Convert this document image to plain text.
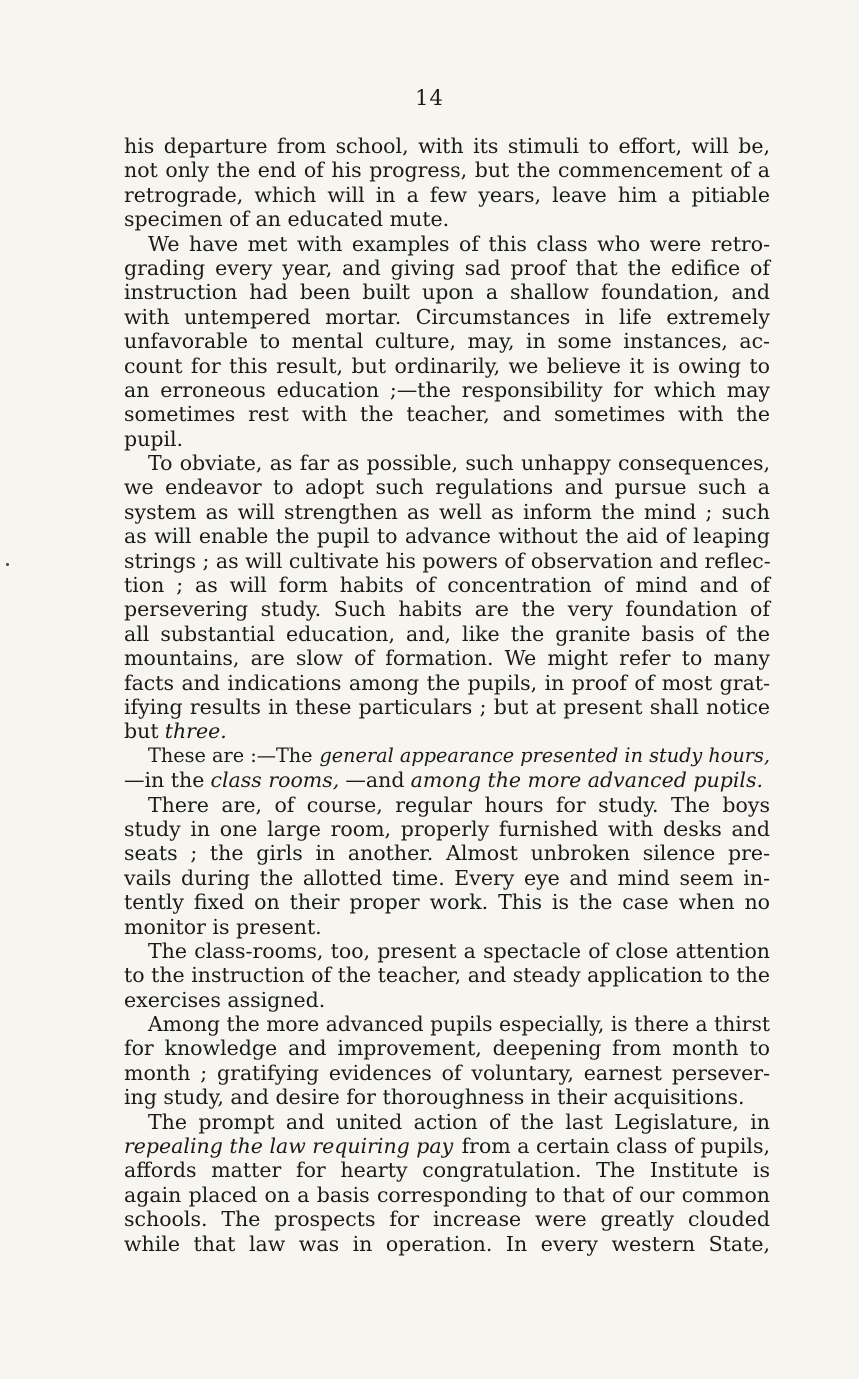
14
his departure from school, with its stimuli to effort, will be,
not only the end of his progress, but the commencement of a
retrograde, which will in a few years, leave him a pitiable
specimen of an educated mute.
We have met with examples of this class who were retro-
grading every year, and giving sad proof that the edifice of
instruction had been built upon a shallow foundation, and
with untempered mortar. Circumstances in life extremely
unfavorable to mental culture, may, in some instances, ac-
count for this result, but ordinarily, we believe it is owing to
an erroneous education ;—the responsibility for which may
sometimes rest with the teacher, and sometimes with the
pupil.
To obviate, as far as possible, such unhappy consequences,
we endeavor to adopt such regulations and pursue such a
system as will strengthen as well as inform the mind ; such
as will enable the pupil to advance without the aid of leaping
strings ; as will cultivate his powers of observation and reflec-
tion ; as will form habits of concentration of mind and of
persevering study. Such habits are the very foundation of
all substantial education, and, like the granite basis of the
mountains, are slow of formation. We might refer to many
facts and indications among the pupils, in proof of most grat-
ifying results in these particulars ; but at present shall notice
but three.
These are :—The general appearance presented in study hours,
—in the class rooms, —and among the more advanced pupils.
There are, of course, regular hours for study. The boys
study in one large room, properly furnished with desks and
seats ; the girls in another. Almost unbroken silence pre-
vails during the allotted time. Every eye and mind seem in-
tently fixed on their proper work. This is the case when no
monitor is present.
The class-rooms, too, present a spectacle of close attention
to the instruction of the teacher, and steady application to the
exercises assigned.
Among the more advanced pupils especially, is there a thirst
for knowledge and improvement, deepening from month to
month ; gratifying evidences of voluntary, earnest persever-
ing study, and desire for thoroughness in their acquisitions.
The prompt and united action of the last Legislature, in
repealing the law requiring pay from a certain class of pupils,
affords matter for hearty congratulation. The Institute is
again placed on a basis corresponding to that of our common
schools. The prospects for increase were greatly clouded
while that law was in operation. In every western State,
